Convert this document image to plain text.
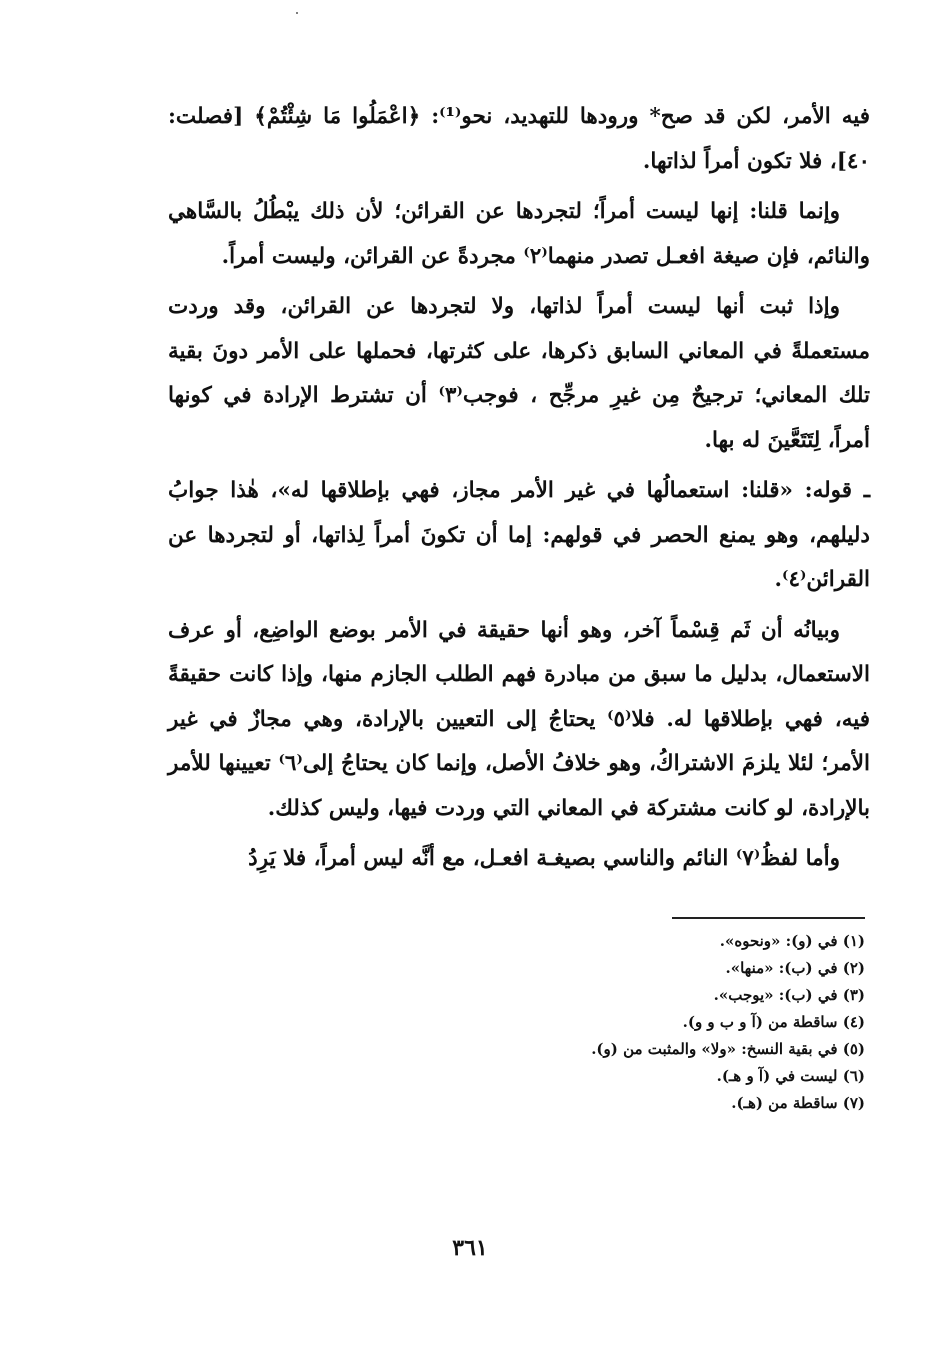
فيه الأمر، لكن قد صح* ورودها للتهديد، نحو⁽¹⁾: ﴿اعْمَلُوا مَا شِئْتُمْ﴾ [فصلت: ٤٠]، فلا تكون أمراً لذاتها.

وإنما قلنا: إنها ليست أمراً؛ لتجردها عن القرائن؛ لأن ذلك يبْطُلُ بالسَّاهي والنائم، فإن صيغة افعـل تصدر منهما⁽٢⁾ مجردةً عن القرائن، وليست أمراً.

وإذا ثبت أنها ليست أمراً لذاتها، ولا لتجردها عن القرائن، وقد وردت مستعملةً في المعاني السابق ذكرها، على كثرتها، فحملها على الأمر دونَ بقية تلك المعاني؛ ترجيحٌ مِن غيرِ مرجِّح ، فوجب⁽٣⁾ أن تشترط الإرادة في كونها أمراً، لِتَتَعَّينَ له بها.

ـ قوله: «قلنا: استعمالُها في غير الأمر مجاز، فهي بإطلاقها له»، هٰذا جوابُ دليلهم، وهو يمنع الحصر في قولهم: إما أن تكونَ أمراً لِذاتها، أو لتجردها عن القرائن⁽٤⁾.

وبيانُه أن ثَم قِسْماً آخر، وهو أنها حقيقة في الأمر بوضع الواضِع، أو عرف الاستعمال، بدليل ما سبق من مبادرة فهم الطلب الجازم منها، وإذا كانت حقيقةً فيه، فهي بإطلاقها له. فلا⁽٥⁾ يحتاجُ إلى التعيين بالإرادة، وهي مجازٌ في غير الأمر؛ لئلا يلزمَ الاشتراكُ، وهو خلافُ الأصل، وإنما كان يحتاجُ إلى⁽٦⁾ تعيينها للأمر بالإرادة، لو كانت مشتركة في المعاني التي وردت فيها، وليس كذلك.

وأما لفظُ⁽٧⁾ النائم والناسي بصيغـة افعـل، مع أنَّه ليس أمراً، فلا يَرِدُ

(١) في (و): «ونحوه».
(٢) في (ب): «منها».
(٣) في (ب): «يوجب».
(٤) ساقطة من (آ و ب و و).
(٥) في بقية النسخ: «ولا» والمثبت من (و).
(٦) ليست في (آ و هـ).
(٧) ساقطة من (هـ).
٣٦١
